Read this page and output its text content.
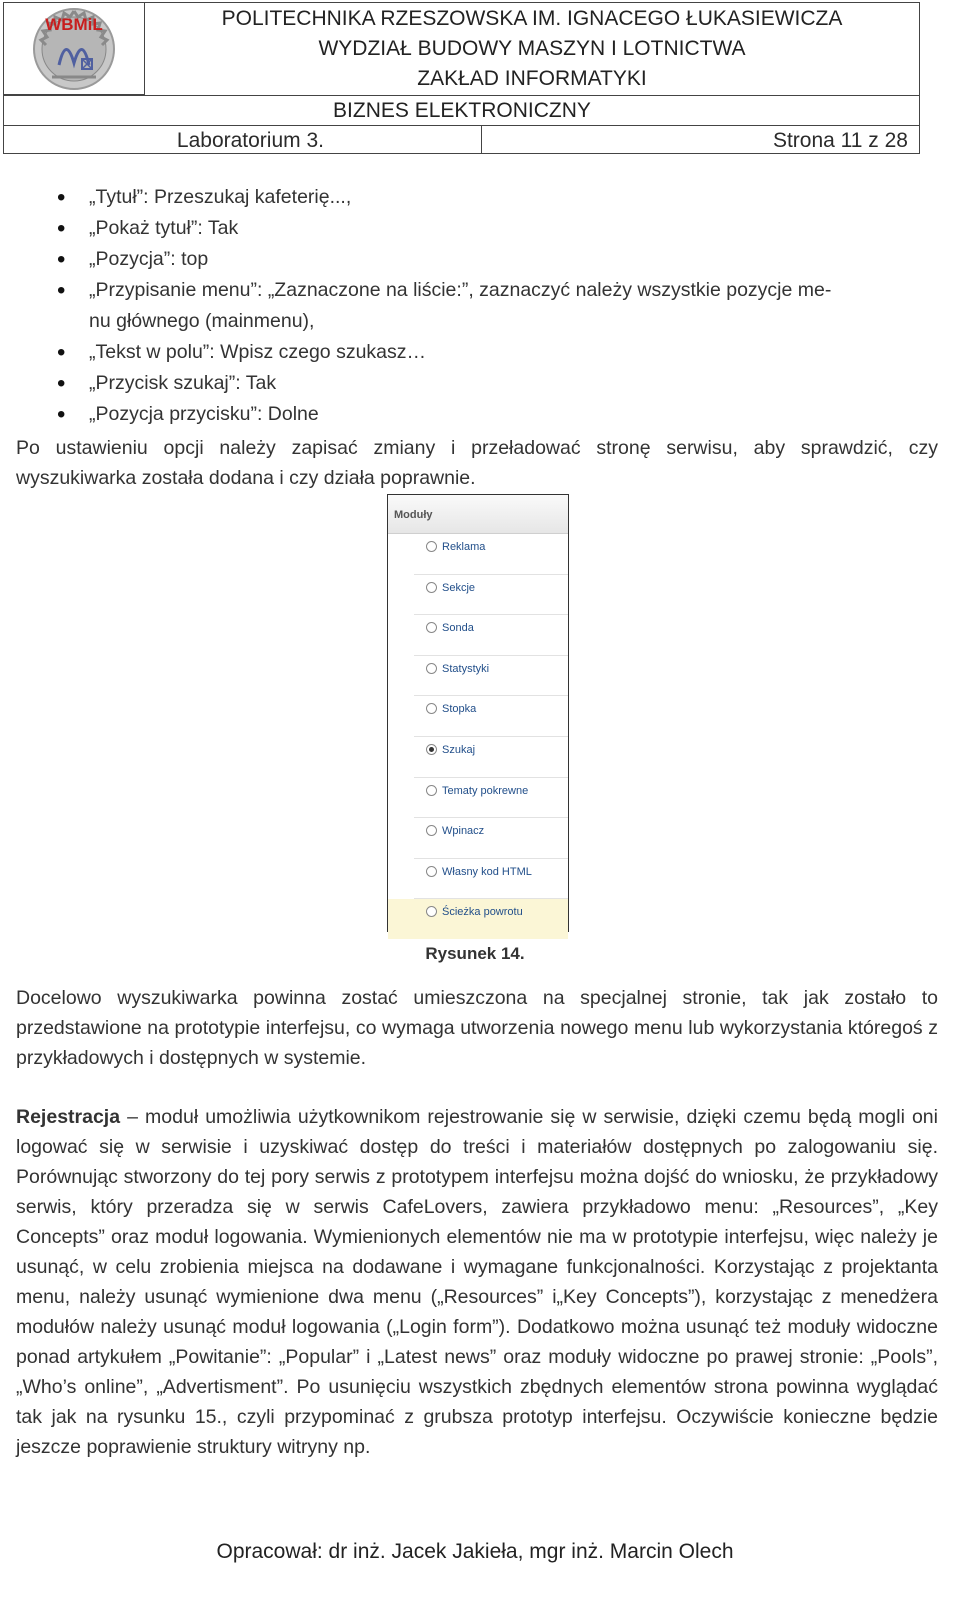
WBMiL	POLITECHNIKA RZESZOWSKA IM. IGNACEGO ŁUKASIEWICZA
WYDZIAŁ BUDOWY MASZYN I LOTNICTWA
ZAKŁAD INFORMATYKI
BIZNES ELEKTRONICZNY
Laboratorium 3.	Strona 11 z 28
• „Tytuł”: Przeszukaj kafeterię...,
• „Pokaż tytuł”: Tak
• „Pozycja”: top
• „Przypisanie menu”: „Zaznaczone na liście:”, zaznaczyć należy wszystkie pozycje me-
nu głównego (mainmenu),
• „Tekst w polu”: Wpisz czego szukasz…
• „Przycisk szukaj”: Tak
• „Pozycja przycisku”: Dolne
Po ustawieniu opcji należy zapisać zmiany i przeładować stronę serwisu, aby sprawdzić, czy wyszukiwarka została dodana i czy działa poprawnie.
Moduły
Reklama
Sekcje
Sonda
Statystyki
Stopka
Szukaj
Tematy pokrewne
Wpinacz
Własny kod HTML
Ścieżka powrotu
Rysunek 14.
Docelowo wyszukiwarka powinna zostać umieszczona na specjalnej stronie, tak jak zostało to przedstawione na prototypie interfejsu, co wymaga utworzenia nowego menu lub wykorzystania któregoś z przykładowych i dostępnych w systemie.
Rejestracja – moduł umożliwia użytkownikom rejestrowanie się w serwisie, dzięki czemu będą mogli oni logować się w serwisie i uzyskiwać dostęp do treści i materiałów dostępnych po zalogowaniu się. Porównując stworzony do tej pory serwis z prototypem interfejsu można dojść do wniosku, że przykładowy serwis, który przeradza się w serwis CafeLovers, zawiera przykładowo menu: „Resources”, „Key Concepts” oraz moduł logowania. Wymienionych elementów nie ma w prototypie interfejsu, więc należy je usunąć, w celu zrobienia miejsca na dodawane i wymagane funkcjonalności. Korzystając z projektanta menu, należy usunąć wymienione dwa menu („Resources” i„Key Concepts”), korzystając z menedżera modułów należy usunąć moduł logowania („Login form”). Dodatkowo można usunąć też moduły widoczne ponad artykułem „Powitanie”: „Popular” i „Latest news” oraz moduły widoczne po prawej stronie: „Pools”, „Who’s online”, „Advertisment”. Po usunięciu wszystkich zbędnych elementów strona powinna wyglądać tak jak na rysunku 15., czyli przypominać z grubsza prototyp interfejsu. Oczywiście konieczne będzie jeszcze poprawienie struktury witryny np.
Opracował: dr inż. Jacek Jakieła, mgr inż. Marcin Olech
